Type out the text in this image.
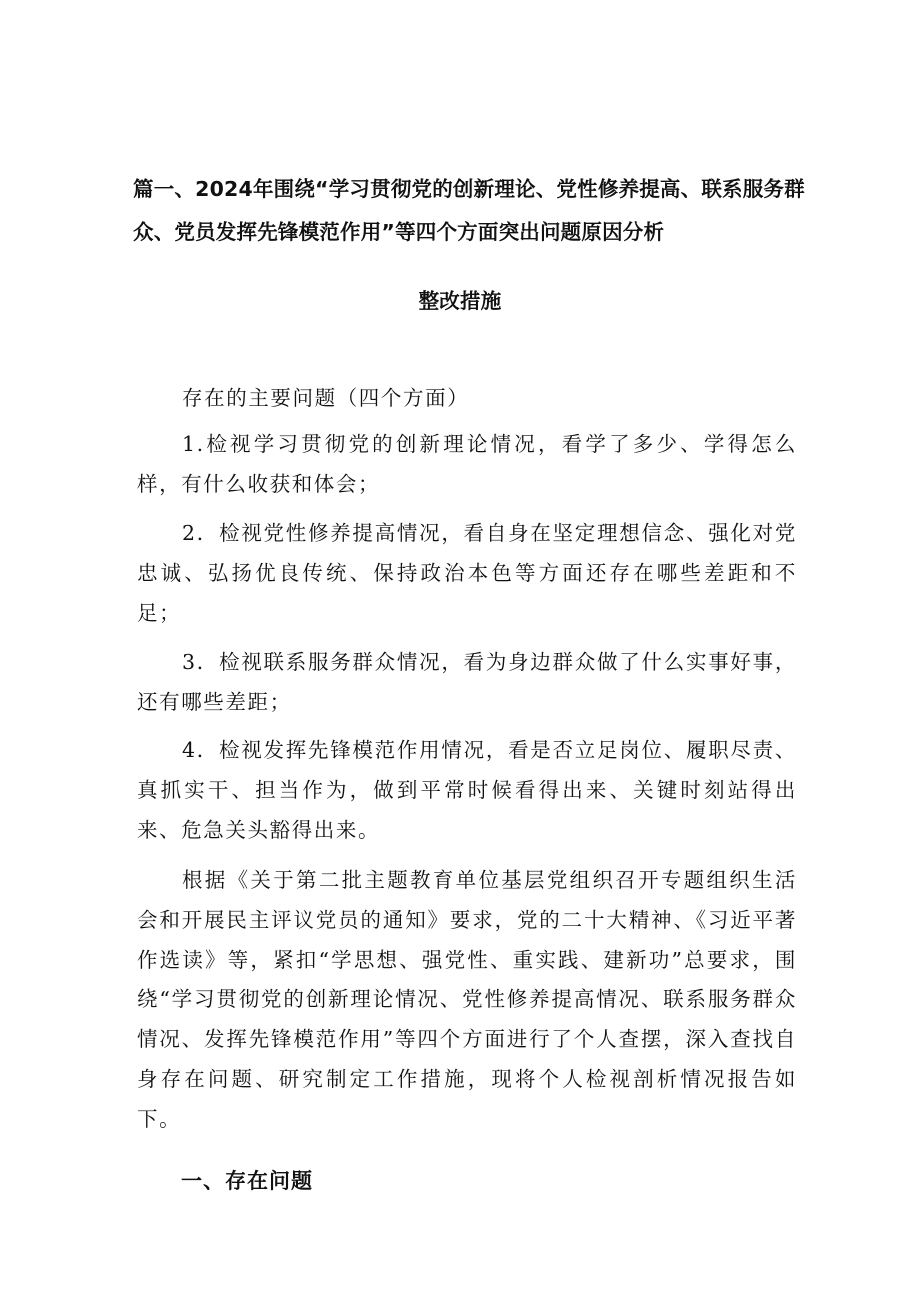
篇一、2024年围绕“学习贯彻党的创新理论、党性修养提高、联系服务群
众、党员发挥先锋模范作用”等四个方面突出问题原因分析
整改措施

存在的主要问题（四个方面）

1.检视学习贯彻党的创新理论情况，看学了多少、学得怎么样，有什么收获和体会；

2．检视党性修养提高情况，看自身在坚定理想信念、强化对党忠诚、弘扬优良传统、保持政治本色等方面还存在哪些差距和不足；

3．检视联系服务群众情况，看为身边群众做了什么实事好事，还有哪些差距；

4．检视发挥先锋模范作用情况，看是否立足岗位、履职尽责、真抓实干、担当作为，做到平常时候看得出来、关键时刻站得出来、危急关头豁得出来。

根据《关于第二批主题教育单位基层党组织召开专题组织生活会和开展民主评议党员的通知》要求，党的二十大精神、《习近平著作选读》等，紧扣“学思想、强党性、重实践、建新功”总要求，围绕“学习贯彻党的创新理论情况、党性修养提高情况、联系服务群众情况、发挥先锋模范作用”等四个方面进行了个人查摆，深入查找自身存在问题、研究制定工作措施，现将个人检视剖析情况报告如下。

一、存在问题
